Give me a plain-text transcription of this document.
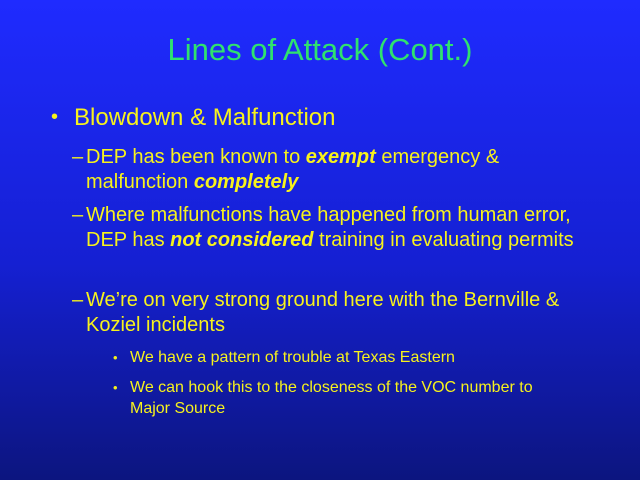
Lines of Attack (Cont.)
• Blowdown & Malfunction
– DEP has been known to exempt emergency & malfunction completely
– Where malfunctions have happened from human error, DEP has not considered training in evaluating permits
– We’re on very strong ground here with the Bernville & Koziel incidents
• We have a pattern of trouble at Texas Eastern
• We can hook this to the closeness of the VOC number to Major Source
